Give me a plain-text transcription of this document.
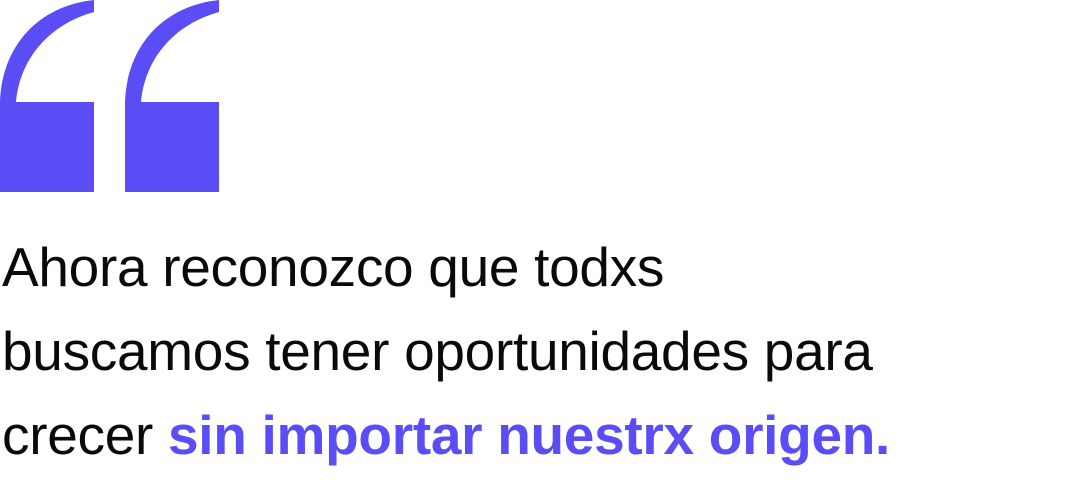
Ahora reconozco que todxs
buscamos tener oportunidades para
crecer sin importar nuestrx origen.
